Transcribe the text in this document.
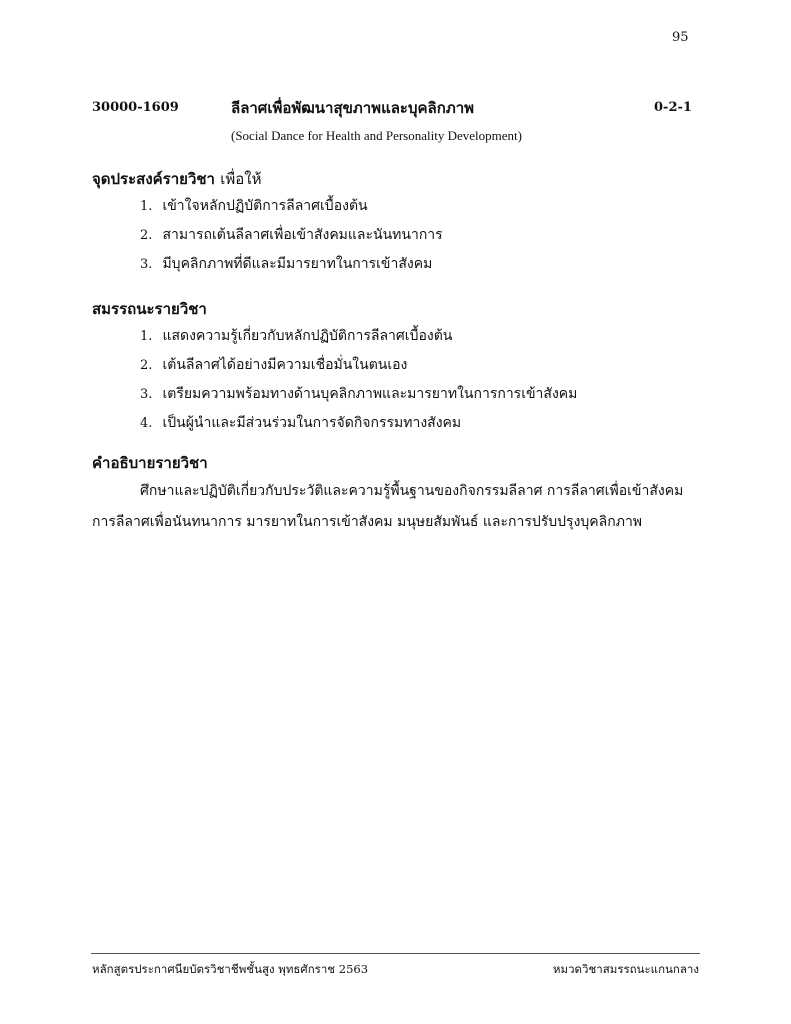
95
30000-1609	ลีลาศเพื่อพัฒนาสุขภาพและบุคลิกภาพ	0-2-1
(Social Dance for Health and Personality Development)

จุดประสงค์รายวิชา เพื่อให้

1. เข้าใจหลักปฏิบัติการลีลาศเบื้องต้น
2. สามารถเต้นลีลาศเพื่อเข้าสังคมและนันทนาการ
3. มีบุคลิกภาพที่ดีและมีมารยาทในการเข้าสังคม

สมรรถนะรายวิชา

1. แสดงความรู้เกี่ยวกับหลักปฏิบัติการลีลาศเบื้องต้น
2. เต้นลีลาศได้อย่างมีความเชื่อมั่นในตนเอง
3. เตรียมความพร้อมทางด้านบุคลิกภาพและมารยาทในการการเข้าสังคม
4. เป็นผู้นำและมีส่วนร่วมในการจัดกิจกรรมทางสังคม

คำอธิบายรายวิชา

ศึกษาและปฏิบัติเกี่ยวกับประวัติและความรู้พื้นฐานของกิจกรรมลีลาศ การลีลาศเพื่อเข้าสังคม

การลีลาศเพื่อนันทนาการ มารยาทในการเข้าสังคม มนุษยสัมพันธ์ และการปรับปรุงบุคลิกภาพ

หลักสูตรประกาศนียบัตรวิชาชีพชั้นสูง พุทธศักราช 2563	หมวดวิชาสมรรถนะแกนกลาง
